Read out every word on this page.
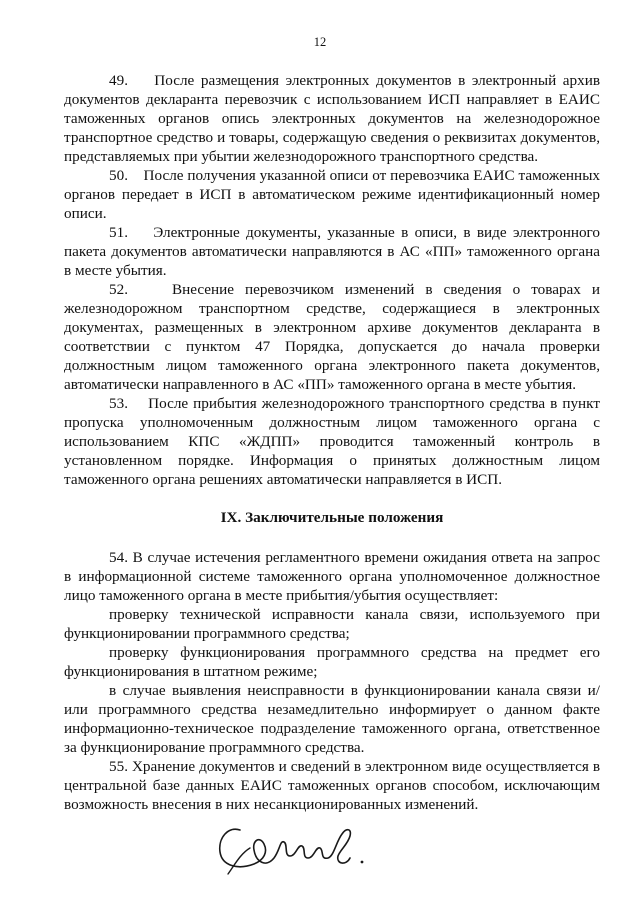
12

49.    После размещения электронных документов в электронный архив документов декларанта перевозчик с использованием ИСП направляет в ЕАИС таможенных органов опись электронных документов на железнодорожное транспортное средство и товары, содержащую сведения о реквизитах документов, представляемых при убытии железнодорожного транспортного средства.

50.    После получения указанной описи от перевозчика ЕАИС таможенных органов передает в ИСП в автоматическом режиме идентификационный номер описи.

51.    Электронные документы, указанные в описи, в виде электронного пакета документов автоматически направляются в АС «ПП» таможенного органа в месте убытия.

52.    Внесение перевозчиком изменений в сведения о товарах и железнодорожном транспортном средстве, содержащиеся в электронных документах, размещенных в электронном архиве документов декларанта в соответствии с пунктом 47 Порядка, допускается до начала проверки должностным лицом таможенного органа электронного пакета документов, автоматически направленного в АС «ПП» таможенного органа в месте убытия.

53.    После прибытия железнодорожного транспортного средства в пункт пропуска уполномоченным должностным лицом таможенного органа с использованием КПС «ЖДПП» проводится таможенный контроль в установленном порядке. Информация о принятых должностным лицом таможенного органа решениях автоматически направляется в ИСП.

IX. Заключительные положения

54. В случае истечения регламентного времени ожидания ответа на запрос в информационной системе таможенного органа уполномоченное должностное лицо таможенного органа в месте прибытия/убытия осуществляет:

проверку технической исправности канала связи, используемого при функционировании программного средства;

проверку функционирования программного средства на предмет его функционирования в штатном режиме;

в случае выявления неисправности в функционировании канала связи и/или программного средства незамедлительно информирует о данном факте информационно-техническое подразделение таможенного органа, ответственное за функционирование программного средства.

55. Хранение документов и сведений в электронном виде осуществляется в центральной базе данных ЕАИС таможенных органов способом, исключающим возможность внесения в них несанкционированных изменений.
